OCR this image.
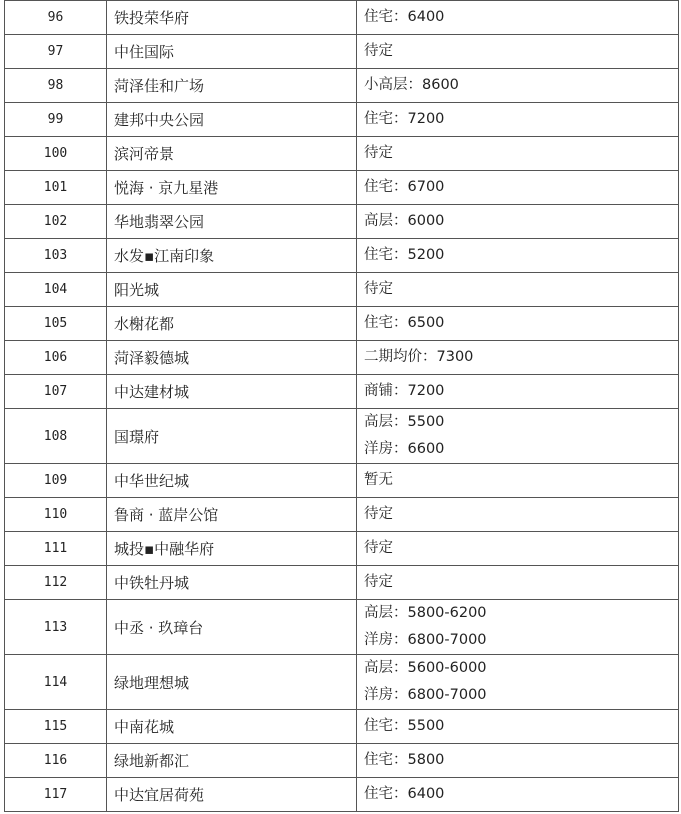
96	铁投荣华府	住宅：6400

97	中住国际	待定

98	菏泽佳和广场	小高层：8600

99	建邦中央公园	住宅：7200

100	滨河帝景	待定

101	悦海 · 京九星港	住宅：6700

102	华地翡翠公园	高层：6000

103	水发▪江南印象	住宅：5200

104	阳光城	待定

105	水榭花都	住宅：6500

106	菏泽毅德城	二期均价：7300

107	中达建材城	商铺：7200

108	国璟府	高层：5500
洋房：6600

109	中华世纪城	暂无

110	鲁商 · 蓝岸公馆	待定

111	城投▪中融华府	待定

112	中铁牡丹城	待定

113	中丞 · 玖璋台	高层：5800-6200
洋房：6800-7000

114	绿地理想城	高层：5600-6000
洋房：6800-7000

115	中南花城	住宅：5500

116	绿地新都汇	住宅：5800

117	中达宜居荷苑	住宅：6400
